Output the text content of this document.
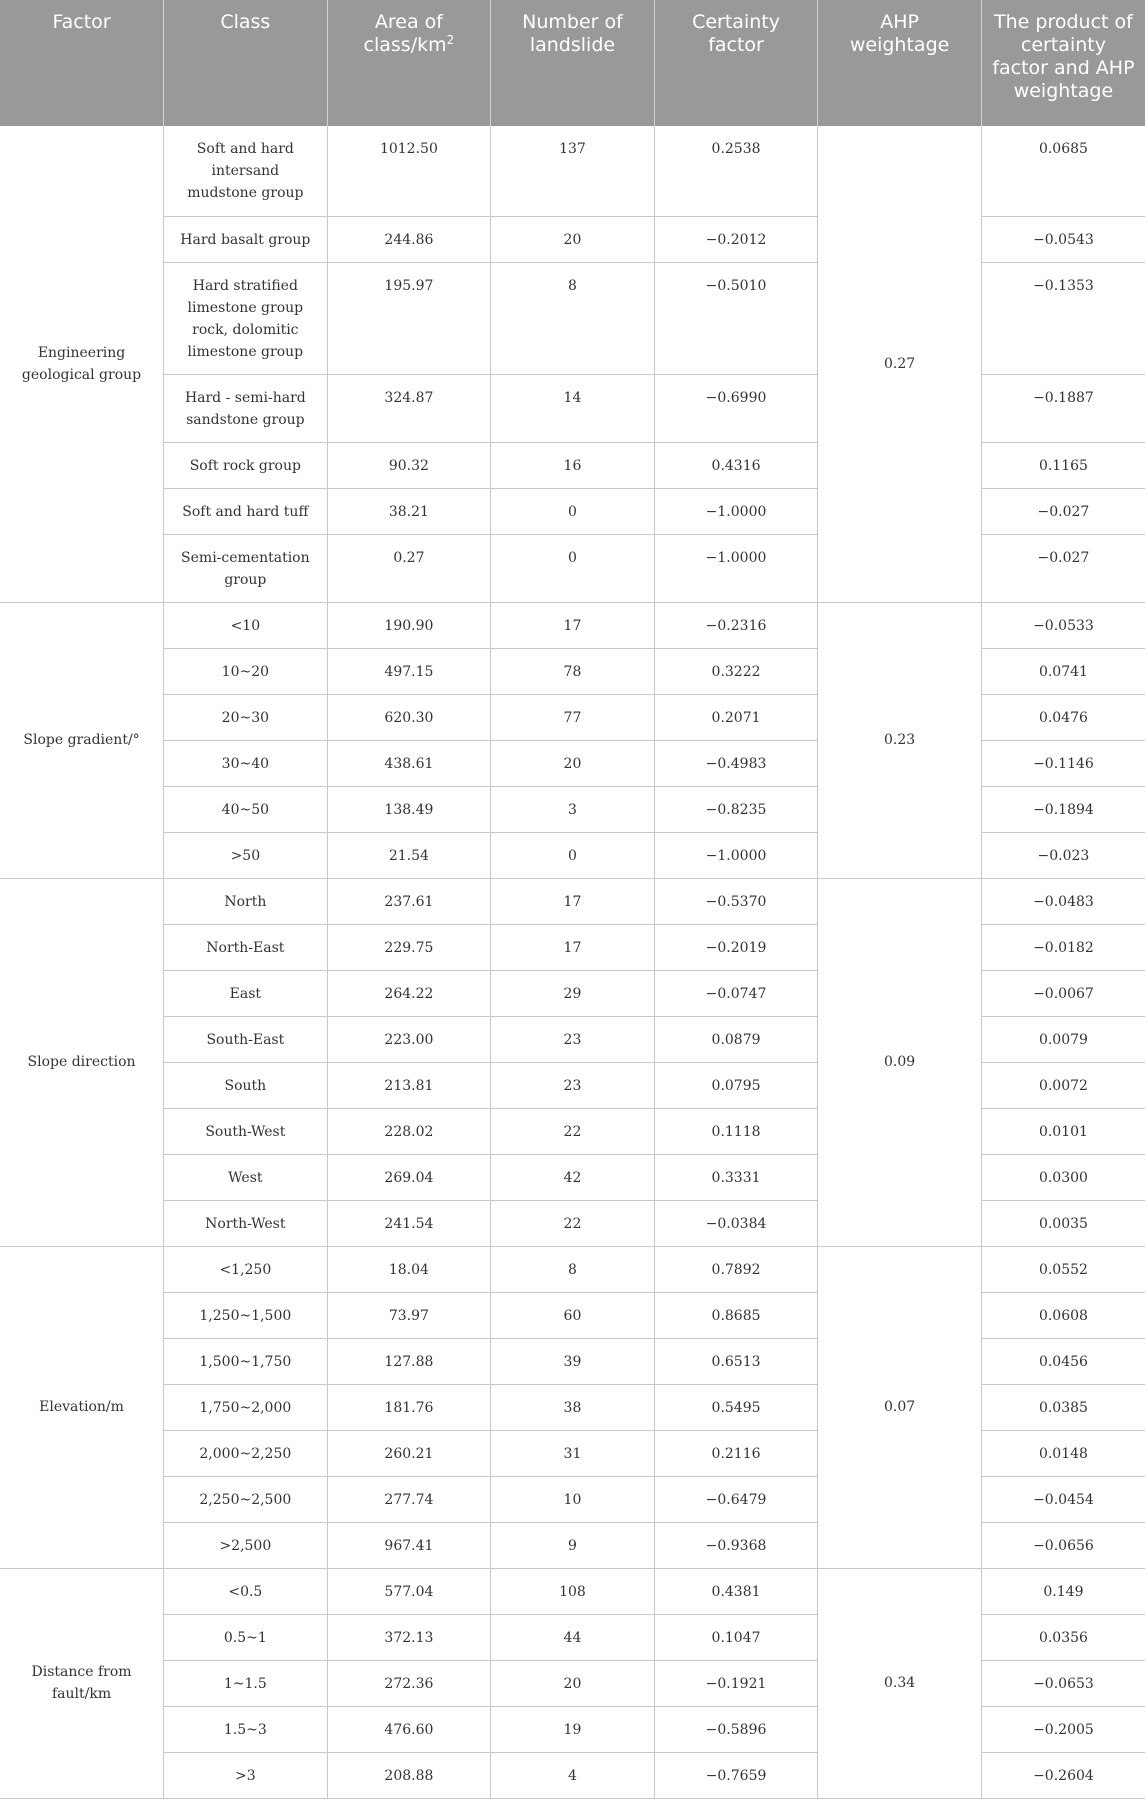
Factor	Class	Area of class/$km^2$	Number of landslide	Certainty factor	AHP weightage	The product of certainty factor and AHP weightage
Engineering geological group	Soft and hard intersand mudstone group	1012.50	137	0.2538	0.27	0.0685
	Hard basalt group	244.86	20	−0.2012		−0.0543
	Hard stratified limestone group rock, dolomitic limestone group	195.97	8	−0.5010		−0.1353
	Hard - semi-hard sandstone group	324.87	14	−0.6990		−0.1887
	Soft rock group	90.32	16	0.4316		0.1165
	Soft and hard tuff	38.21	0	−1.0000		−0.027
	Semi-cementation group	0.27	0	−1.0000		−0.027
Slope gradient/°	<10	190.90	17	−0.2316	0.23	−0.0533
	10~20	497.15	78	0.3222		0.0741
	20~30	620.30	77	0.2071		0.0476
	30~40	438.61	20	−0.4983		−0.1146
	40~50	138.49	3	−0.8235		−0.1894
	>50	21.54	0	−1.0000		−0.023
Slope direction	North	237.61	17	−0.5370	0.09	−0.0483
	North-East	229.75	17	−0.2019		−0.0182
	East	264.22	29	−0.0747		−0.0067
	South-East	223.00	23	0.0879		0.0079
	South	213.81	23	0.0795		0.0072
	South-West	228.02	22	0.1118		0.0101
	West	269.04	42	0.3331		0.0300
	North-West	241.54	22	−0.0384		0.0035
Elevation/m	<1,250	18.04	8	0.7892	0.07	0.0552
	1,250~1,500	73.97	60	0.8685		0.0608
	1,500~1,750	127.88	39	0.6513		0.0456
	1,750~2,000	181.76	38	0.5495		0.0385
	2,000~2,250	260.21	31	0.2116		0.0148
	2,250~2,500	277.74	10	−0.6479		−0.0454
	>2,500	967.41	9	−0.9368		−0.0656
Distance from fault/km	<0.5	577.04	108	0.4381	0.34	0.149
	0.5~1	372.13	44	0.1047		0.0356
	1~1.5	272.36	20	−0.1921		−0.0653
	1.5~3	476.60	19	−0.5896		−0.2005
	>3	208.88	4	−0.7659		−0.2604
